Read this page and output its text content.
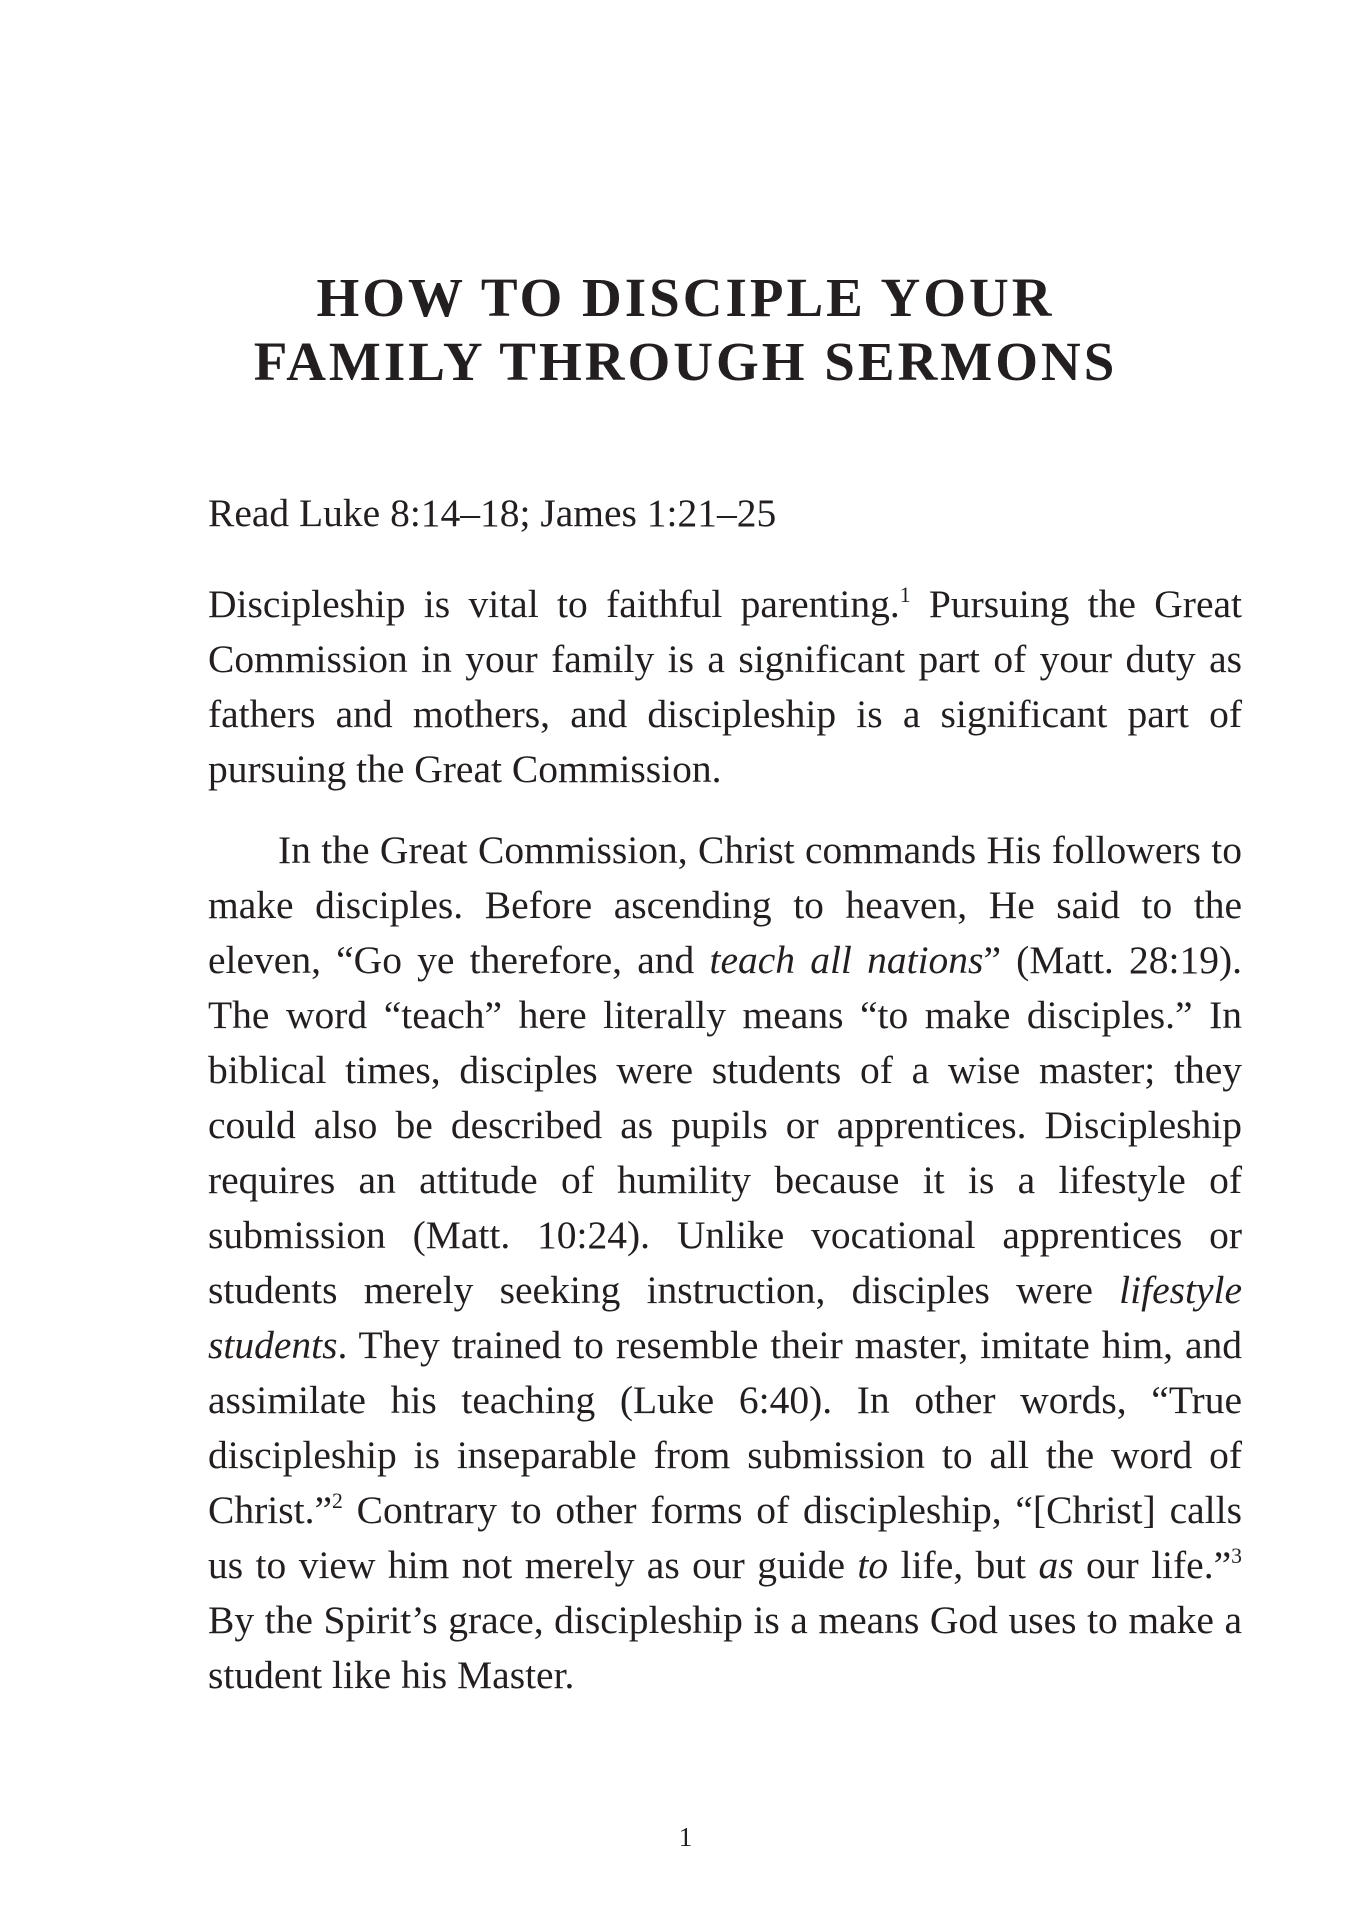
HOW TO DISCIPLE YOUR
FAMILY THROUGH SERMONS

Read Luke 8:14–18; James 1:21–25

Discipleship is vital to faithful parenting.$^1$ Pursuing the Great Commission in your family is a significant part of your duty as fathers and mothers, and discipleship is a significant part of pursuing the Great Commission.

In the Great Commission, Christ commands His followers to make disciples. Before ascending to heaven, He said to the eleven, “Go ye therefore, and teach all nations” (Matt. 28:19). The word “teach” here literally means “to make disciples.” In biblical times, disciples were students of a wise master; they could also be described as pupils or apprentices. Discipleship requires an attitude of humility because it is a lifestyle of submission (Matt. 10:24). Unlike vocational apprentices or students merely seeking instruction, disciples were lifestyle students. They trained to resemble their master, imitate him, and assimilate his teaching (Luke 6:40). In other words, “True discipleship is inseparable from submission to all the word of Christ.”$^2$ Contrary to other forms of discipleship, “[Christ] calls us to view him not merely as our guide to life, but as our life.”$^3$ By the Spirit’s grace, discipleship is a means God uses to make a student like his Master.

1
